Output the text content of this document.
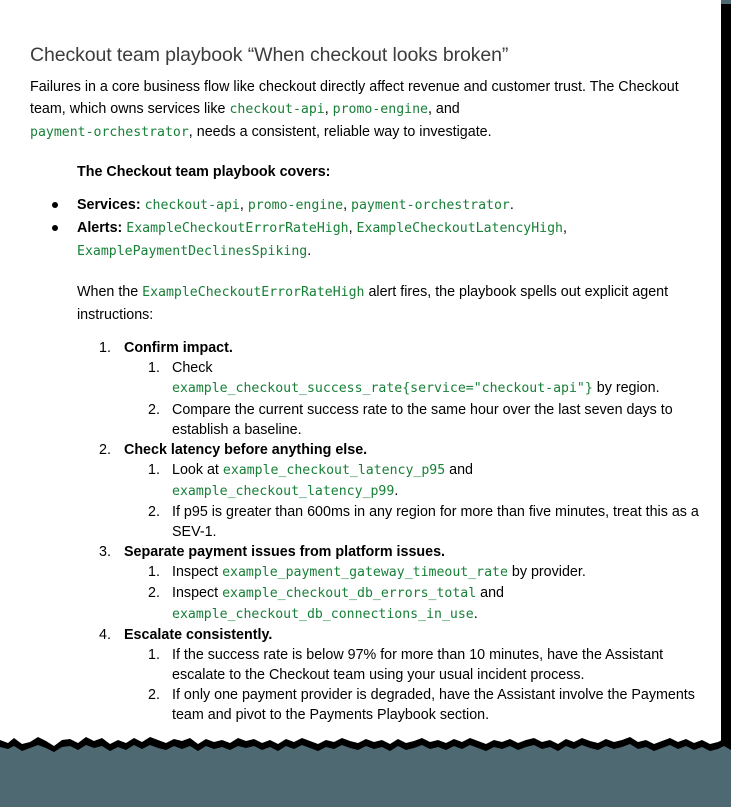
Checkout team playbook “When checkout looks broken”

Failures in a core business flow like checkout directly affect revenue and customer trust. The Checkout team, which owns services like checkout-api, promo-engine, and
payment-orchestrator, needs a consistent, reliable way to investigate.

The Checkout team playbook covers:
Services: checkout-api, promo-engine, payment-orchestrator.
Alerts: ExampleCheckoutErrorRateHigh, ExampleCheckoutLatencyHigh,
ExamplePaymentDeclinesSpiking.

When the ExampleCheckoutErrorRateHigh alert fires, the playbook spells out explicit agent instructions:

1. Confirm impact.
1. Check
example_checkout_success_rate{service="checkout-api"} by region.
2. Compare the current success rate to the same hour over the last seven days to establish a baseline.
2. Check latency before anything else.
1. Look at example_checkout_latency_p95 and
example_checkout_latency_p99.
2. If p95 is greater than 600ms in any region for more than five minutes, treat this as a SEV-1.
3. Separate payment issues from platform issues.
1. Inspect example_payment_gateway_timeout_rate by provider.
2. Inspect example_checkout_db_errors_total and
example_checkout_db_connections_in_use.
4. Escalate consistently.
1. If the success rate is below 97% for more than 10 minutes, have the Assistant escalate to the Checkout team using your usual incident process.
2. If only one payment provider is degraded, have the Assistant involve the Payments team and pivot to the Payments Playbook section.
